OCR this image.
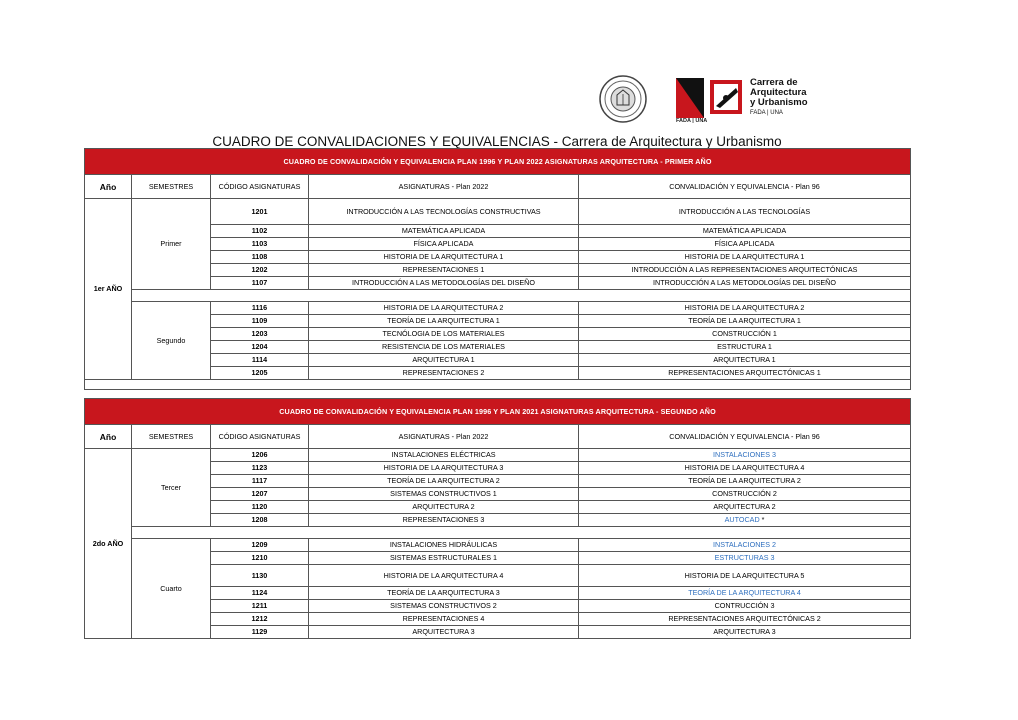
FADA | UNA
Carrera de
Arquitectura
y Urbanismo
FADA | UNA
CUADRO DE CONVALIDACIONES Y EQUIVALENCIAS - Carrera de Arquitectura y Urbanismo
CUADRO DE CONVALIDACIÓN Y EQUIVALENCIA PLAN 1996 Y PLAN 2022 ASIGNATURAS ARQUITECTURA - PRIMER AÑO				
Año	SEMESTRES	CÓDIGO ASIGNATURAS	ASIGNATURAS - Plan 2022	CONVALIDACIÓN Y EQUIVALENCIA - Plan 96
1er AÑO	Primer	1201	INTRODUCCIÓN A LAS TECNOLOGÍAS CONSTRUCTIVAS	INTRODUCCIÓN A LAS TECNOLOGÍAS
		1102	MATEMÁTICA APLICADA	MATEMÁTICA APLICADA
		1103	FÍSICA APLICADA	FÍSICA APLICADA
		1108	HISTORIA DE LA ARQUITECTURA 1	HISTORIA DE LA ARQUITECTURA 1
		1202	REPRESENTACIONES 1	INTRODUCCIÓN A LAS REPRESENTACIONES ARQUITECTÓNICAS
		1107	INTRODUCCIÓN A LAS METODOLOGÍAS DEL DISEÑO	INTRODUCCIÓN A LAS METODOLOGÍAS DEL DISEÑO

	Segundo	1116	HISTORIA DE LA ARQUITECTURA 2	HISTORIA DE LA ARQUITECTURA 2
		1109	TEORÍA DE LA ARQUITECTURA 1	TEORÍA DE LA ARQUITECTURA 1
		1203	TECNÓLOGIA DE LOS MATERIALES	CONSTRUCCIÓN 1
		1204	RESISTENCIA DE LOS MATERIALES	ESTRUCTURA 1
		1114	ARQUITECTURA 1	ARQUITECTURA 1
		1205	REPRESENTACIONES 2	REPRESENTACIONES ARQUITECTÓNICAS 1

CUADRO DE CONVALIDACIÓN Y EQUIVALENCIA PLAN 1996 Y PLAN 2021 ASIGNATURAS ARQUITECTURA - SEGUNDO AÑO				
Año	SEMESTRES	CÓDIGO ASIGNATURAS	ASIGNATURAS - Plan 2022	CONVALIDACIÓN Y EQUIVALENCIA - Plan 96
2do AÑO	Tercer	1206	INSTALACIONES ELÉCTRICAS	INSTALACIONES 3
		1123	HISTORIA DE LA ARQUITECTURA 3	HISTORIA DE LA ARQUITECTURA 4
		1117	TEORÍA DE LA ARQUITECTURA 2	TEORÍA DE LA ARQUITECTURA 2
		1207	SISTEMAS CONSTRUCTIVOS 1	CONSTRUCCIÓN 2
		1120	ARQUITECTURA 2	ARQUITECTURA 2
		1208	REPRESENTACIONES 3	AUTOCAD *

	Cuarto	1209	INSTALACIONES HIDRÁULICAS	INSTALACIONES 2
		1210	SISTEMAS ESTRUCTURALES 1	ESTRUCTURAS 3
		1130	HISTORIA DE LA ARQUITECTURA 4	HISTORIA DE LA ARQUITECTURA 5
		1124	TEORÍA DE LA ARQUITECTURA 3	TEORÍA DE LA ARQUITECTURA 4
		1211	SISTEMAS CONSTRUCTIVOS 2	CONTRUCCIÓN 3
		1212	REPRESENTACIONES 4	REPRESENTACIONES ARQUITECTÓNICAS 2
		1129	ARQUITECTURA 3	ARQUITECTURA 3
